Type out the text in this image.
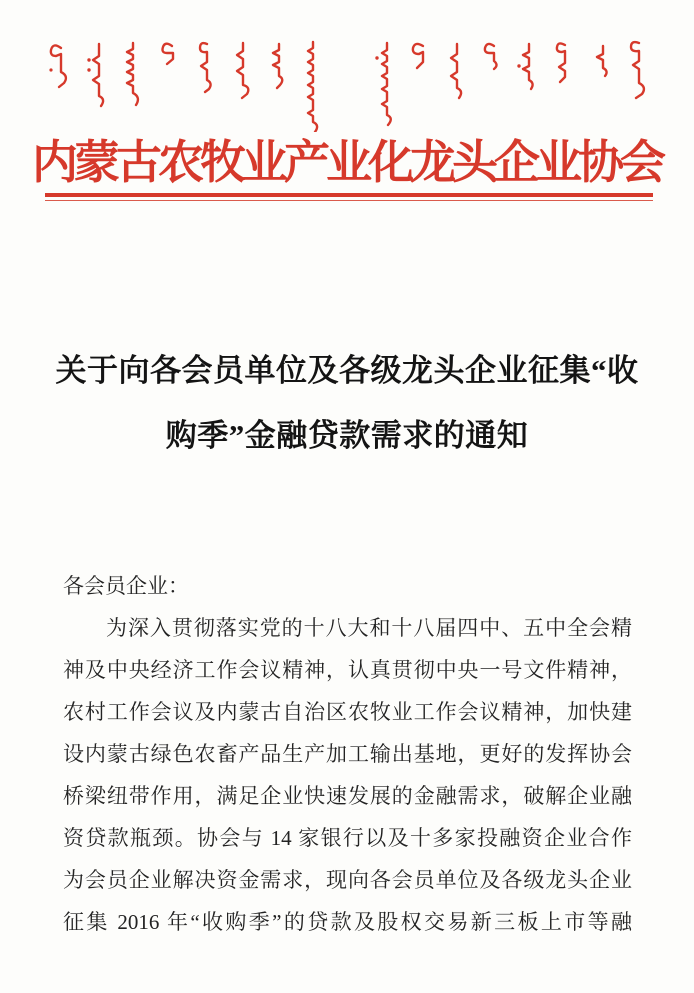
内蒙古农牧业产业化龙头企业协会
关于向各会员单位及各级龙头企业征集“收
购季”金融贷款需求的通知
各会员企业：
为深入贯彻落实党的十八大和十八届四中、五中全会精
神及中央经济工作会议精神，认真贯彻中央一号文件精神，
农村工作会议及内蒙古自治区农牧业工作会议精神，加快建
设内蒙古绿色农畜产品生产加工输出基地，更好的发挥协会
桥梁纽带作用，满足企业快速发展的金融需求，破解企业融
资贷款瓶颈。协会与 14 家银行以及十多家投融资企业合作
为会员企业解决资金需求，现向各会员单位及各级龙头企业
征集 2016 年“收购季”的贷款及股权交易新三板上市等融
